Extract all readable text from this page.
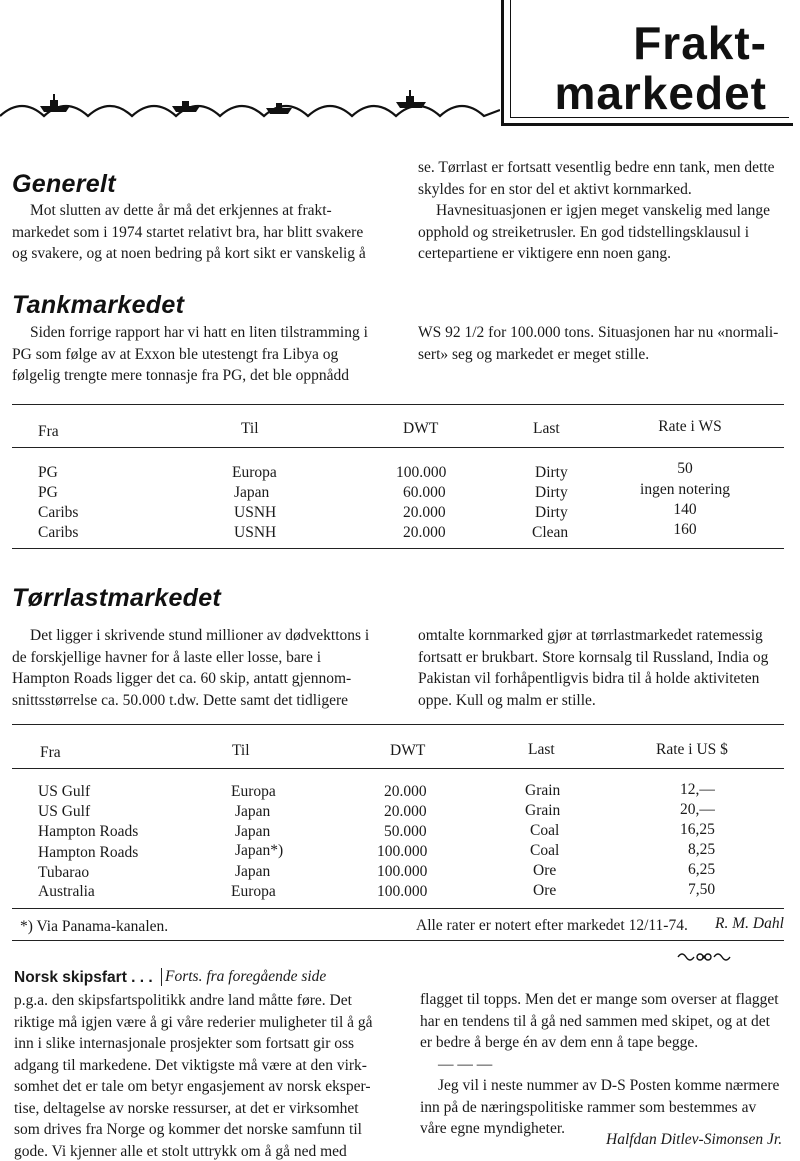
Frakt-
markedet
Generelt
Mot slutten av dette år må det erkjennes at frakt-
markedet som i 1974 startet relativt bra, har blitt svakere
og svakere, og at noen bedring på kort sikt er vanskelig å
se. Tørrlast er fortsatt vesentlig bedre enn tank, men dette
skyldes for en stor del et aktivt kornmarked.
Havnesituasjonen er igjen meget vanskelig med lange
opphold og streiketrusler. En god tidstellingsklausul i
certepartiene er viktigere enn noen gang.
Tankmarkedet
Siden forrige rapport har vi hatt en liten tilstramming i
PG som følge av at Exxon ble utestengt fra Libya og
følgelig trengte mere tonnasje fra PG, det ble oppnådd
WS 92 1/2 for 100.000 tons. Situasjonen har nu «normali-
sert» seg og markedet er meget stille.
Fra	Til	DWT	Last	Rate i WS
PG	Europa	100.000	Dirty	50
PG	Japan	60.000	Dirty	ingen notering
Caribs	USNH	20.000	Dirty	140
Caribs	USNH	20.000	Clean	160
Tørrlastmarkedet
Det ligger i skrivende stund millioner av dødvekttons i
de forskjellige havner for å laste eller losse, bare i
Hampton Roads ligger det ca. 60 skip, antatt gjennom-
snittsstørrelse ca. 50.000 t.dw. Dette samt det tidligere
omtalte kornmarked gjør at tørrlastmarkedet ratemessig
fortsatt er brukbart. Store kornsalg til Russland, India og
Pakistan vil forhåpentligvis bidra til å holde aktiviteten
oppe. Kull og malm er stille.
Fra	Til	DWT	Last	Rate i US $
US Gulf	Europa	20.000	Grain	12,—
US Gulf	Japan	20.000	Grain	20,—
Hampton Roads	Japan	50.000	Coal	16,25
Hampton Roads	Japan*)	100.000	Coal	8,25
Tubarao	Japan	100.000	Ore	6,25
Australia	Europa	100.000	Ore	7,50
*) Via Panama-kanalen.	Alle rater er notert efter markedet 12/11-74. R. M. Dahl
Norsk skipsfart . . . Forts. fra foregående side
p.g.a. den skipsfartspolitikk andre land måtte føre. Det
riktige må igjen være å gi våre rederier muligheter til å gå
inn i slike internasjonale prosjekter som fortsatt gir oss
adgang til markedene. Det viktigste må være at den virk-
somhet det er tale om betyr engasjement av norsk eksper-
tise, deltagelse av norske ressurser, at det er virksomhet
som drives fra Norge og kommer det norske samfunn til
gode. Vi kjenner alle et stolt uttrykk om å gå ned med
flagget til topps. Men det er mange som overser at flagget
har en tendens til å gå ned sammen med skipet, og at det
er bedre å berge én av dem enn å tape begge.
— — —
Jeg vil i neste nummer av D-S Posten komme nærmere
inn på de næringspolitiske rammer som bestemmes av
våre egne myndigheter.
Halfdan Ditlev-Simonsen Jr.
